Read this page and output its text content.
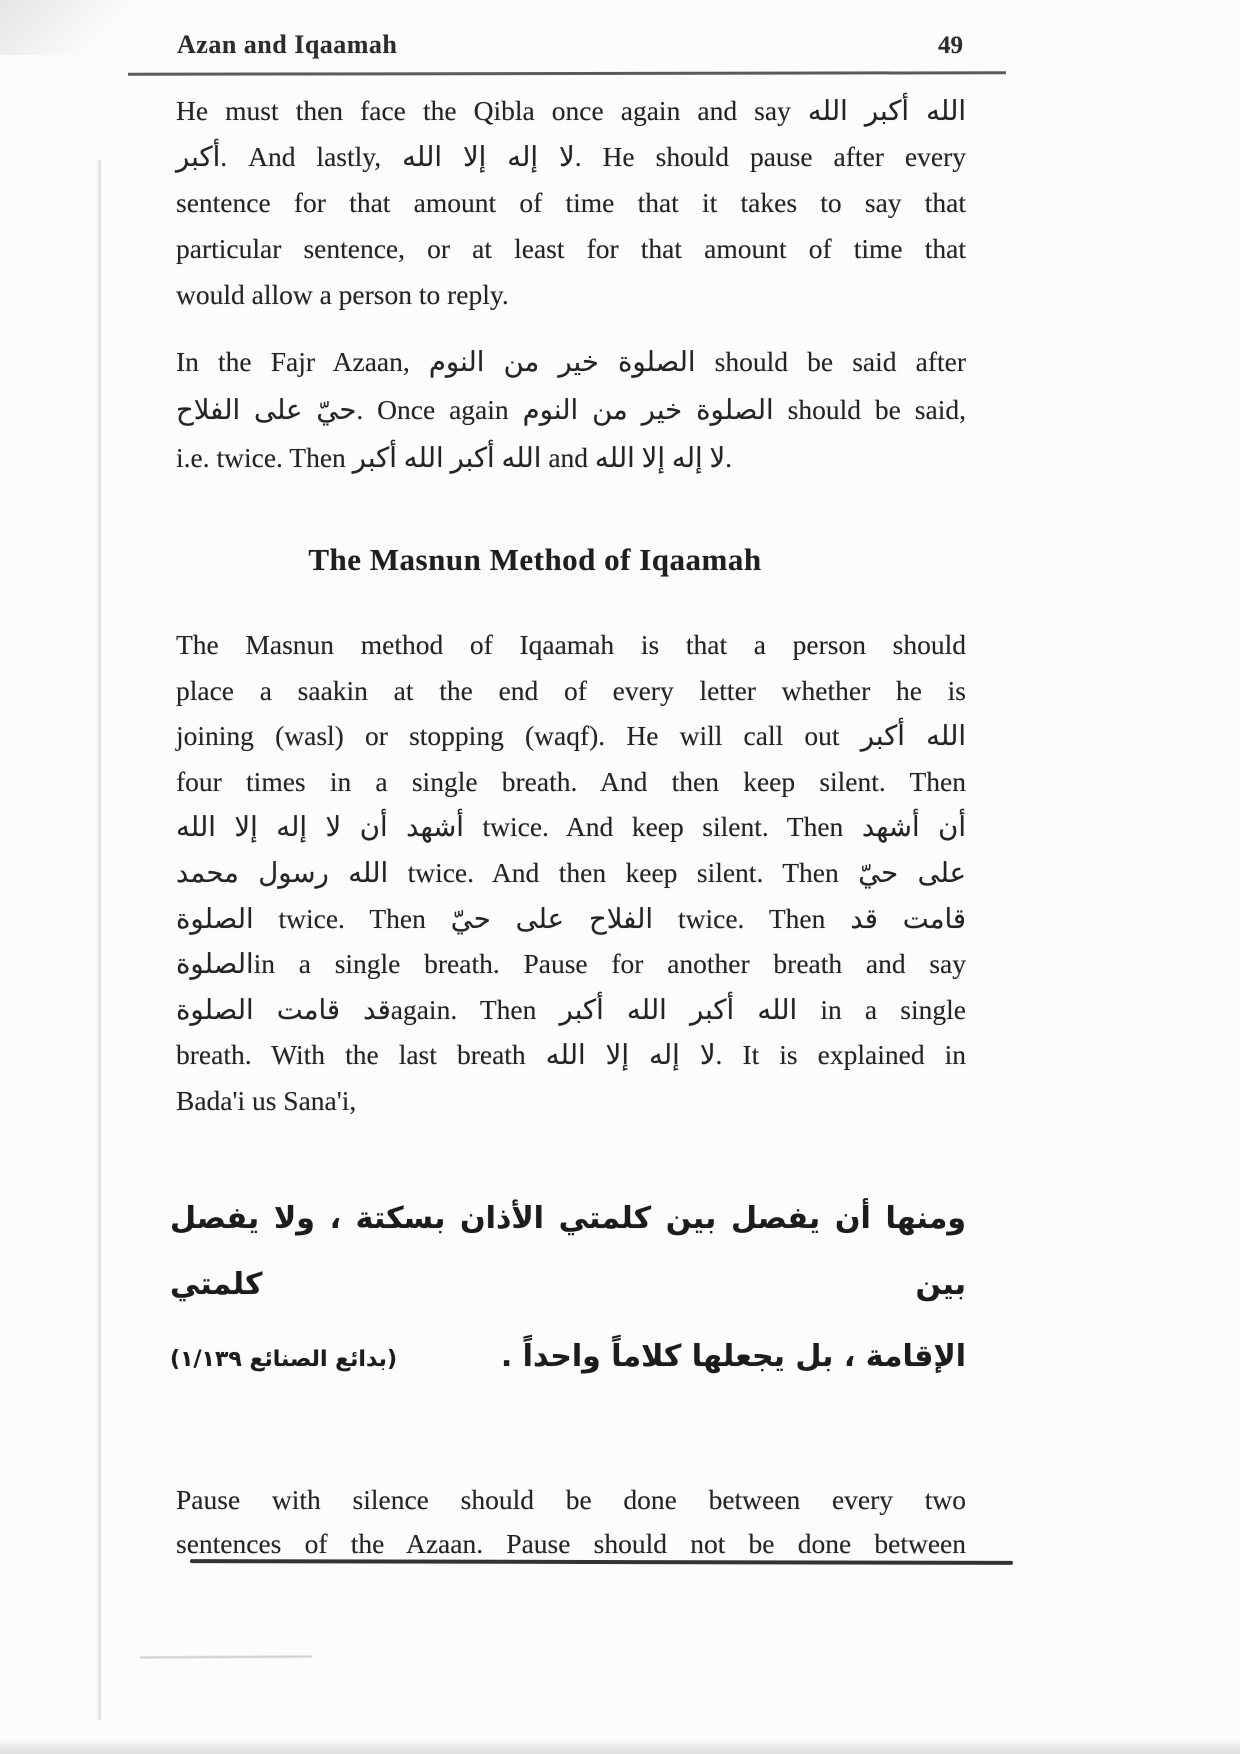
Azan and Iqaamah	49
He must then face the Qibla once again and say الله أكبر الله
أكبر. And lastly, لا إله إلا الله. He should pause after every
sentence for that amount of time that it takes to say that
particular sentence, or at least for that amount of time that
would allow a person to reply.
In the Fajr Azaan, الصلوة خير من النوم should be said after
حيّ على الفلاح. Once again الصلوة خير من النوم should be said,
i.e. twice. Then الله أكبر الله أكبر and لا إله إلا الله.
The Masnun Method of Iqaamah
The Masnun method of Iqaamah is that a person should
place a saakin at the end of every letter whether he is
joining (wasl) or stopping (waqf). He will call out الله أكبر
four times in a single breath. And then keep silent. Then
أشهد أن لا إله إلا الله twice. And keep silent. Then أشهد‎ أن
محمد‎ رسول‎ الله twice. And then keep silent. Then حيّ‎ على
الصلوة twice. Then حيّ‎ على‎ الفلاح twice. Then قد‎ قامت
الصلوةin a single breath. Pause for another breath and say
قد قامت الصلوةagain. Then الله أكبر الله أكبر in a single
breath. With the last breath لا إله إلا الله. It is explained in
Bada'i us Sana'i,
ومنها أن يفصل بين كلمتي الأذان بسكتة ، ولا يفصل بين كلمتي
الإقامة ، بل يجعلها كلاماً واحداً .
(بدائع الصنائع ١/١٣٩)
Pause with silence should be done between every two
sentences of the Azaan. Pause should not be done between
